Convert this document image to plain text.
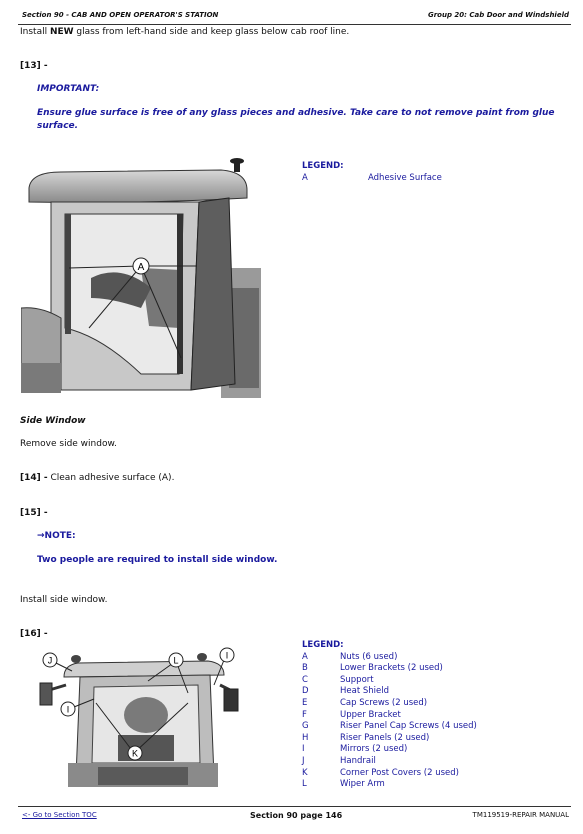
Section 90 - CAB AND OPEN OPERATOR'S STATION	Group 20: Cab Door and Windshield
Install NEW glass from left-hand side and keep glass below cab roof line.
[13] -
IMPORTANT:
Ensure glue surface is free of any glass pieces and adhesive. Take care to not remove paint from glue surface.
A
LEGEND:
A	Adhesive Surface
Side Window
Remove side window.
[14] - Clean adhesive surface (A).
[15] -
→NOTE:
Two people are required to install side window.
Install side window.
[16] -
J	L	I
I
K
LEGEND:
A	Nuts (6 used)
B	Lower Brackets (2 used)
C	Support
D	Heat Shield
E	Cap Screws (2 used)
F	Upper Bracket
G	Riser Panel Cap Screws (4 used)
H	Riser Panels (2 used)
I	Mirrors (2 used)
J	Handrail
K	Corner Post Covers (2 used)
L	Wiper Arm
<- Go to Section TOC	Section 90 page 146	TM119519-REPAIR MANUAL
